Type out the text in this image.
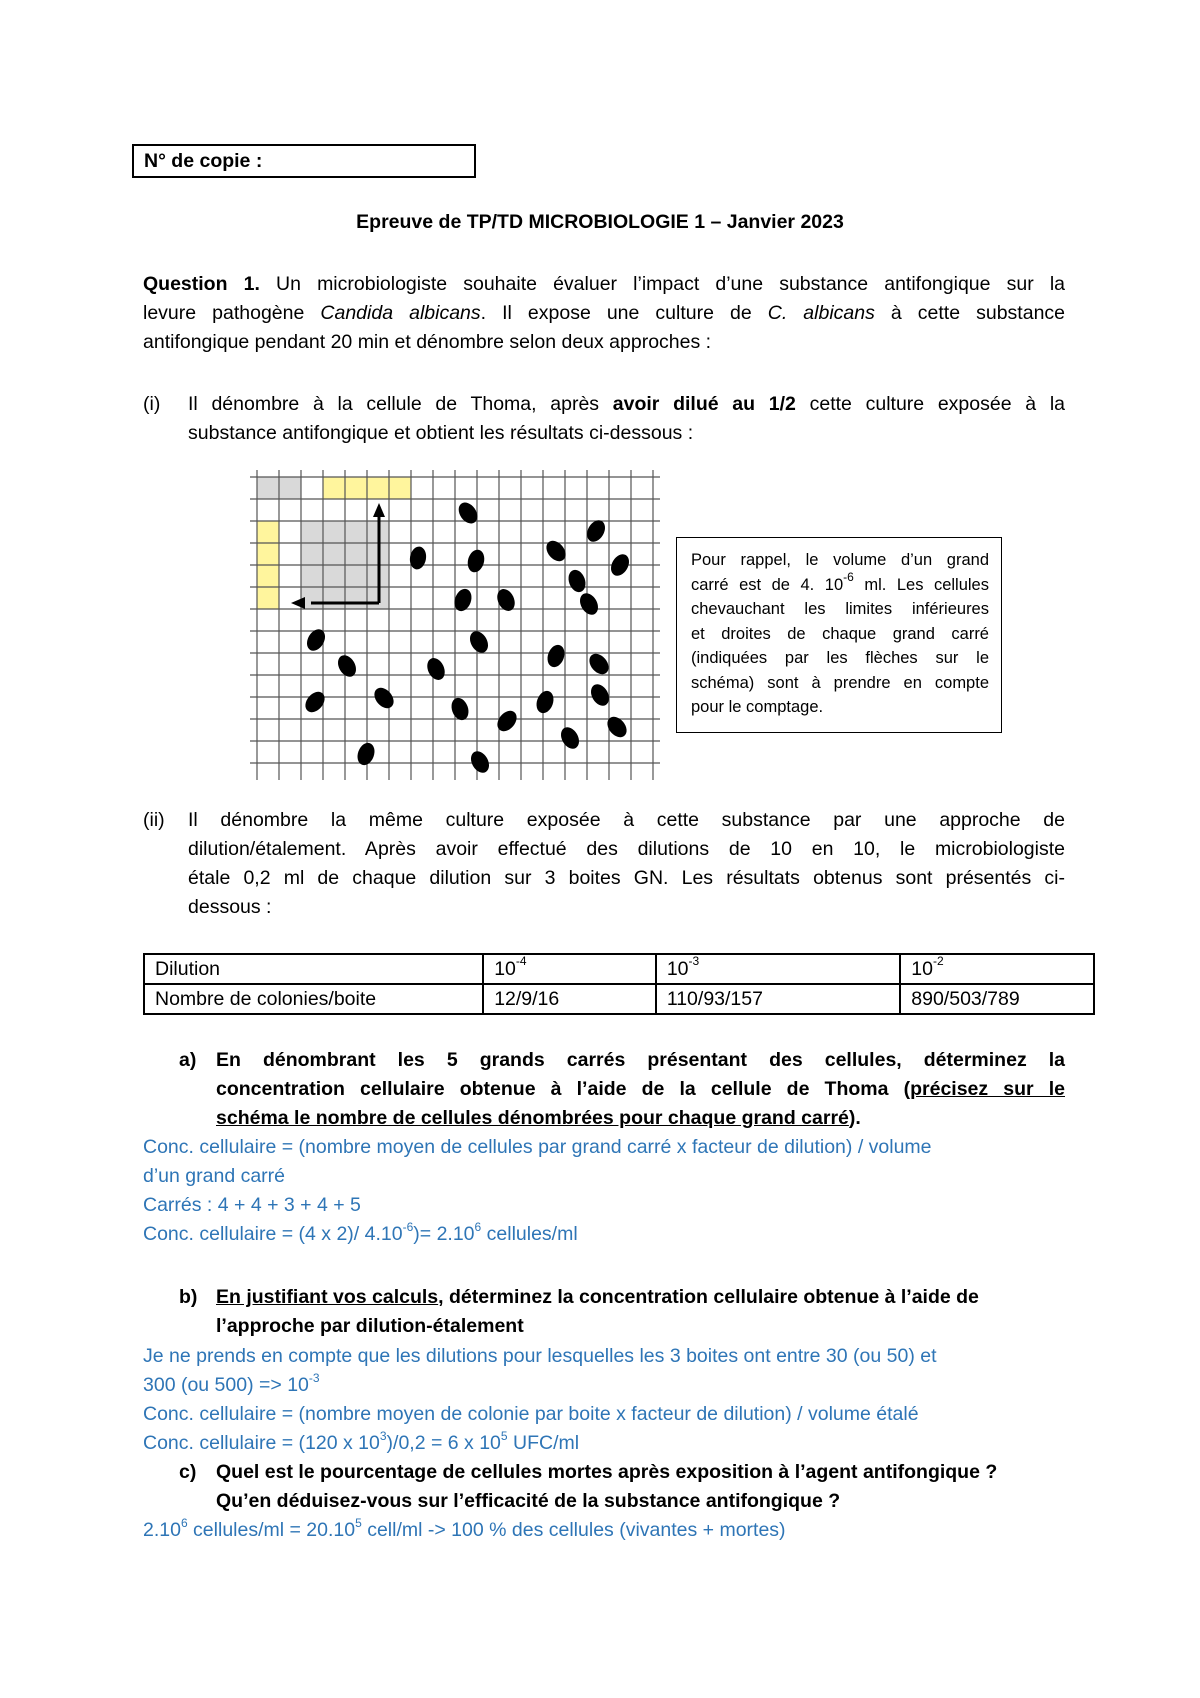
N° de copie :
Epreuve de TP/TD MICROBIOLOGIE 1 – Janvier 2023
Question 1. Un microbiologiste souhaite évaluer l’impact d’une substance antifongique sur la
levure pathogène Candida albicans. Il expose une culture de C. albicans à cette substance
antifongique pendant 20 min et dénombre selon deux approches :
(i) Il dénombre à la cellule de Thoma, après avoir dilué au 1/2 cette culture exposée à la
substance antifongique et obtient les résultats ci-dessous :
Pour rappel, le volume d’un grand
carré est de 4. $10^{-6}$ ml. Les cellules
chevauchant les limites inférieures
et droites de chaque grand carré
(indiquées par les flèches sur le
schéma) sont à prendre en compte
pour le comptage.
(ii) Il dénombre la même culture exposée à cette substance par une approche de
dilution/étalement. Après avoir effectué des dilutions de 10 en 10, le microbiologiste
étale 0,2 ml de chaque dilution sur 3 boites GN. Les résultats obtenus sont présentés ci-
dessous :
Dilution	$10^{-4}$	$10^{-3}$	$10^{-2}$
Nombre de colonies/boite	12/9/16	110/93/157	890/503/789
a) En dénombrant les 5 grands carrés présentant des cellules, déterminez la
concentration cellulaire obtenue à l’aide de la cellule de Thoma (précisez sur le
schéma le nombre de cellules dénombrées pour chaque grand carré).
Conc. cellulaire = (nombre moyen de cellules par grand carré x facteur de dilution) / volume
d’un grand carré
Carrés : 4 + 4 + 3 + 4 + 5
Conc. cellulaire = (4 x 2)/ $4.10^{-6})= 2.10^6$ cellules/ml
b) En justifiant vos calculs, déterminez la concentration cellulaire obtenue à l’aide de
l’approche par dilution-étalement
Je ne prends en compte que les dilutions pour lesquelles les 3 boites ont entre 30 (ou 50) et
300 (ou $500) => 10^{-3}$
Conc. cellulaire = (nombre moyen de colonie par boite x facteur de dilution) / volume étalé
Conc. cellulaire = (120 x $10^3)/0,2 = 6$ x $10^5$ UFC/ml
c) Quel est le pourcentage de cellules mortes après exposition à l’agent antifongique ?
Qu’en déduisez-vous sur l’efficacité de la substance antifongique ?
2.10$^6$ cellules/ml = $20.10^5$ cell/ml -> 100 % des cellules (vivantes + mortes)
